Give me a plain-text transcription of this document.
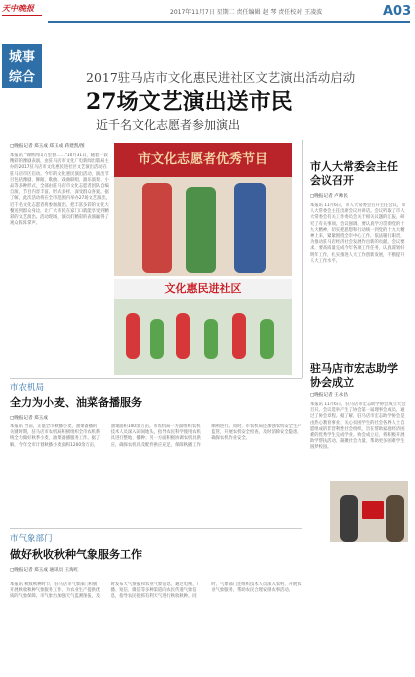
天中晚报
城事
综合
2017年11月7日 星期二 责任编辑 赵 琴 责任校对 王凌波	A03
2017驻马店市文化惠民进社区文艺演出活动启动
27场文艺演出送市民
近千名文化志愿者参加演出
□晚报记者 郑玉成 郑玉成 蒋建凯/图
本报讯 "锦绣河山万里春……"10月31日，随着一段精彩的豫剧表演，由驻马店市文化广电新闻出版局主办的2017驻马店市文化惠民进社区文艺演出活动在驻马店市区启动。今年的文化惠民演出活动，演出节目包括豫剧、舞蹈、歌曲、戏曲联唱、器乐演奏、小品等多种形式，全部由驻马店市文化志愿者团队自编自演，节目内容丰富，形式多样，深受群众喜爱。据了解，此次活动将在全市范围内举办27场文艺演出，近千名文化志愿者将参加演出，把丰富多彩的文化大餐送到群众身边，让广大市民在家门口就能享受到精彩的文艺演出。活动现场，演员们精彩的表演赢得了观众阵阵掌声。
市文化志愿者优秀节目
文化惠民进社区
市人大常委会主任会议召开
□晚报记者 卢帅民
本报讯 11月6日，市人大常委会召开主任会议，市人大常委会主任出席会议并讲话。会议听取了市人大常委会有关工作委员会关于相关议题的汇报，研究了有关事项。会议强调，要认真学习贯彻党的十九大精神，切实把思想和行动统一到党的十九大精神上来，紧紧围绕全市中心工作，依法履行职责，为推动驻马店经济社会发展作出新的贡献。会议要求，要高质量完成今年各项工作任务，认真谋划好明年工作，扎实推进人大工作创新发展，不断提升人大工作水平。
驻马店市宏志助学协会成立
□晚报记者 王永昌
本报讯 11月6日，驻马店市宏志助学协会成立大会召开。会议选举产生了协会第一届理事会成员，通过了协会章程。据了解，驻马店市宏志助学协会是由热心教育事业、关心贫困学生的社会各界人士自愿组成的非营利性社会组织，旨在帮助家庭经济困难的优秀学生完成学业。协会成立后，将积极开展助学帮扶活动，凝聚社会力量，帮助更多困难学生圆梦校园。
市农机局
全力为小麦、油菜备播服务
□晚报记者 郑玉成
本报讯 当前，正值全市秋播小麦、油菜备播的关键时期，驻马店市农机局积极组织全市农机系统全力做好秋季小麦、油菜备播服务工作。据了解，今年全市计划秋播小麦面积1200余万亩，油菜面积100余万亩。市农机局一方面组织农机技术人员深入田间地头，指导农民科学使用农机具进行整地、播种；另一方面积极协调农机具供应，确保农机具及配件供应充足，保障秋播工作顺利进行。同时，市农机局还加强农机安全生产监管，开展农机安全检查，及时消除安全隐患，确保农机作业安全。
市气象部门
做好秋收秋种气象服务工作
□晚报记者 郑玉成 通讯员 王海红
本报讯 秋收秋种时节，驻马店市气象部门积极开展秋收秋种气象服务工作，为农业生产提供优质的气象保障。市气象台加强天气监测预报，及时发布天气预报和农业气象信息，通过电视、广播、短信、微信等多种渠道向农民传递气象信息，指导农民抢抓有利天气进行秋收秋种。同时，气象部门还组织技术人员深入农村，开展农业气象服务，帮助农民合理安排农事活动。
